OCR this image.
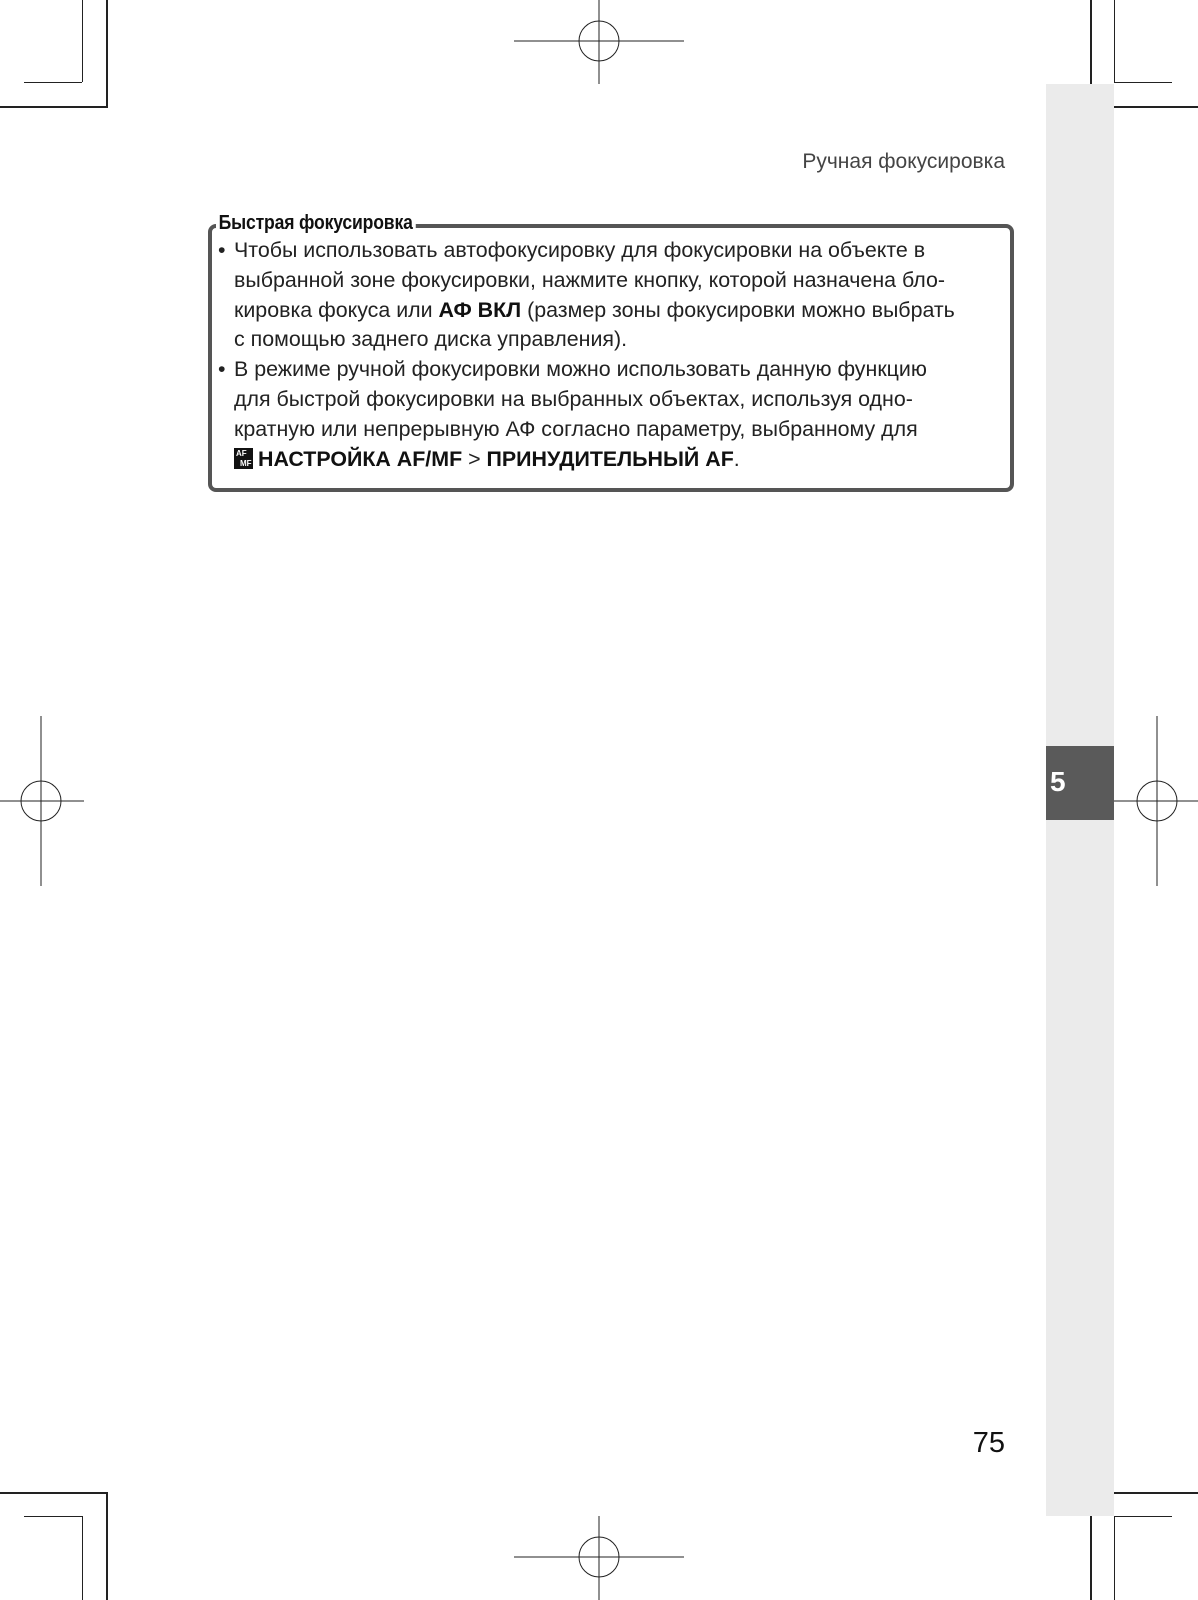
5
Ручная фокусировка
Быстрая фокусировка
• Чтобы использовать автофокусировку для фокусировки на объекте в
выбранной зоне фокусировки, нажмите кнопку, которой назначена бло-
кировка фокуса или АФ ВКЛ (размер зоны фокусировки можно выбрать
с помощью заднего диска управления).
• В режиме ручной фокусировки можно использовать данную функцию
для быстрой фокусировки на выбранных объектах, используя одно-
кратную или непрерывную АФ согласно параметру, выбранному для
AF
MF НАСТРОЙКА AF/MF > ПРИНУДИТЕЛЬНЫЙ AF.
75
